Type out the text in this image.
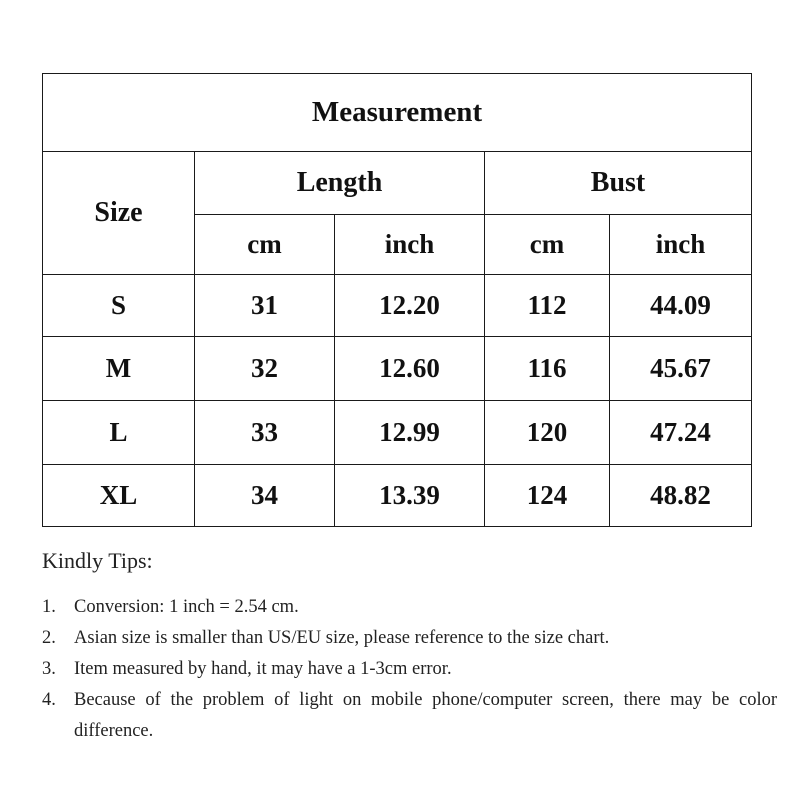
Measurement				
Size	Length		Bust	
	cm	inch	cm	inch
S	31	12.20	112	44.09
M	32	12.60	116	45.67
L	33	12.99	120	47.24
XL	34	13.39	124	48.82
Kindly Tips:
1. Conversion: 1 inch = 2.54 cm.
2. Asian size is smaller than US/EU size, please reference to the size chart.
3. Item measured by hand, it may have a 1-3cm error.
4. Because of the problem of light on mobile phone/computer screen, there may be color difference.
